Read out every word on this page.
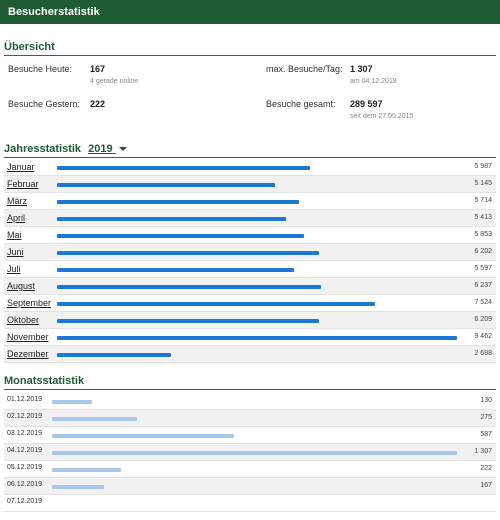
Besucherstatistik
Übersicht
Besuche Heute: 167
4 gerade online
max. Besuche/Tag: 1 307
am 04.12.2019
Besuche Gestern: 222	Besuche gesamt: 289 597
seit dem 27.05.2015
Jahresstatistik 2019
Januar	5 987
Februar	5 145
März	5 714
April	5 413
Mai	5 853
Juni	6 202
Juli	5 597
August	6 237
September	7 524
Oktober	6 209
November	9 462
Dezember	2 688
Monatsstatistik
01.12.2019	130
02.12.2019	275
03.12.2019	587
04.12.2019	1 307
05.12.2019	222
06.12.2019	167
07.12.2019
